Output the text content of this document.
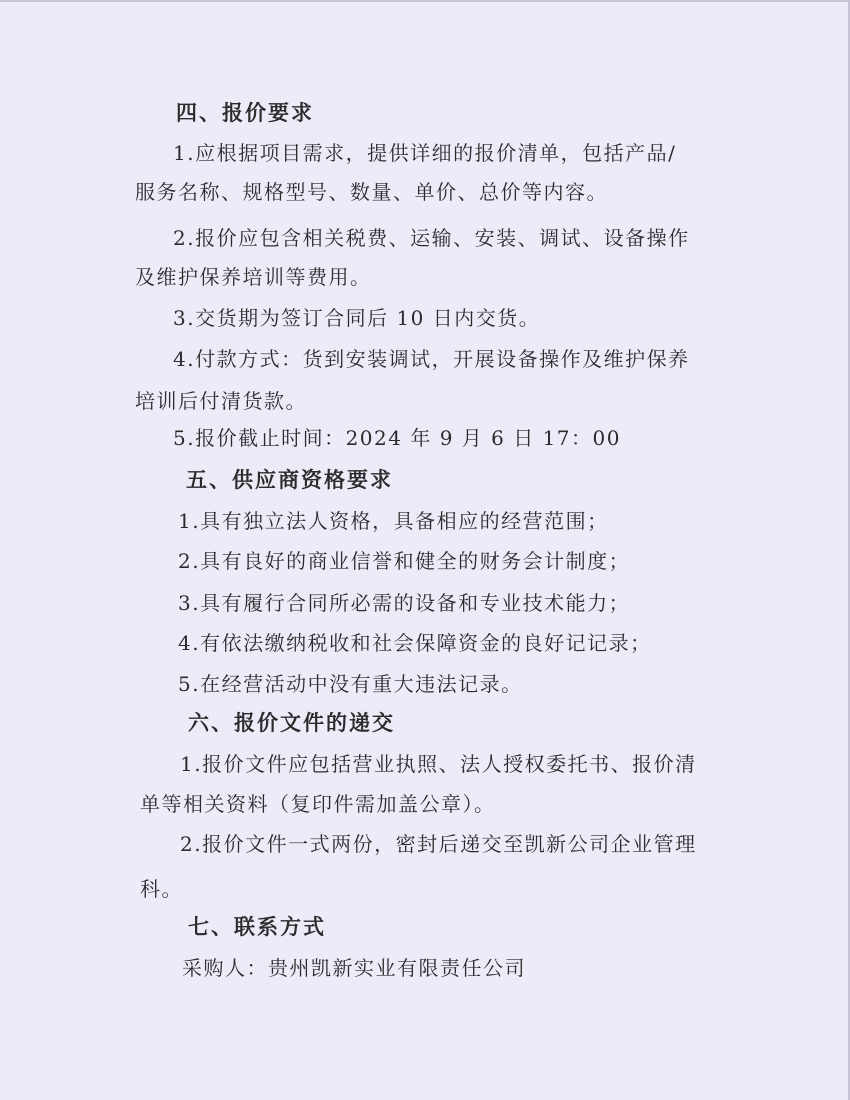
四、报价要求
1.应根据项目需求，提供详细的报价清单，包括产品/
服务名称、规格型号、数量、单价、总价等内容。
2.报价应包含相关税费、运输、安装、调试、设备操作
及维护保养培训等费用。
3.交货期为签订合同后 10 日内交货。
4.付款方式：货到安装调试，开展设备操作及维护保养
培训后付清货款。
5.报价截止时间：2024 年 9 月 6 日 17：00
五、供应商资格要求
1.具有独立法人资格，具备相应的经营范围；
2.具有良好的商业信誉和健全的财务会计制度；
3.具有履行合同所必需的设备和专业技术能力；
4.有依法缴纳税收和社会保障资金的良好记记录；
5.在经营活动中没有重大违法记录。
六、报价文件的递交
1.报价文件应包括营业执照、法人授权委托书、报价清
单等相关资料（复印件需加盖公章）。
2.报价文件一式两份，密封后递交至凯新公司企业管理
科。
七、联系方式
采购人：贵州凯新实业有限责任公司
